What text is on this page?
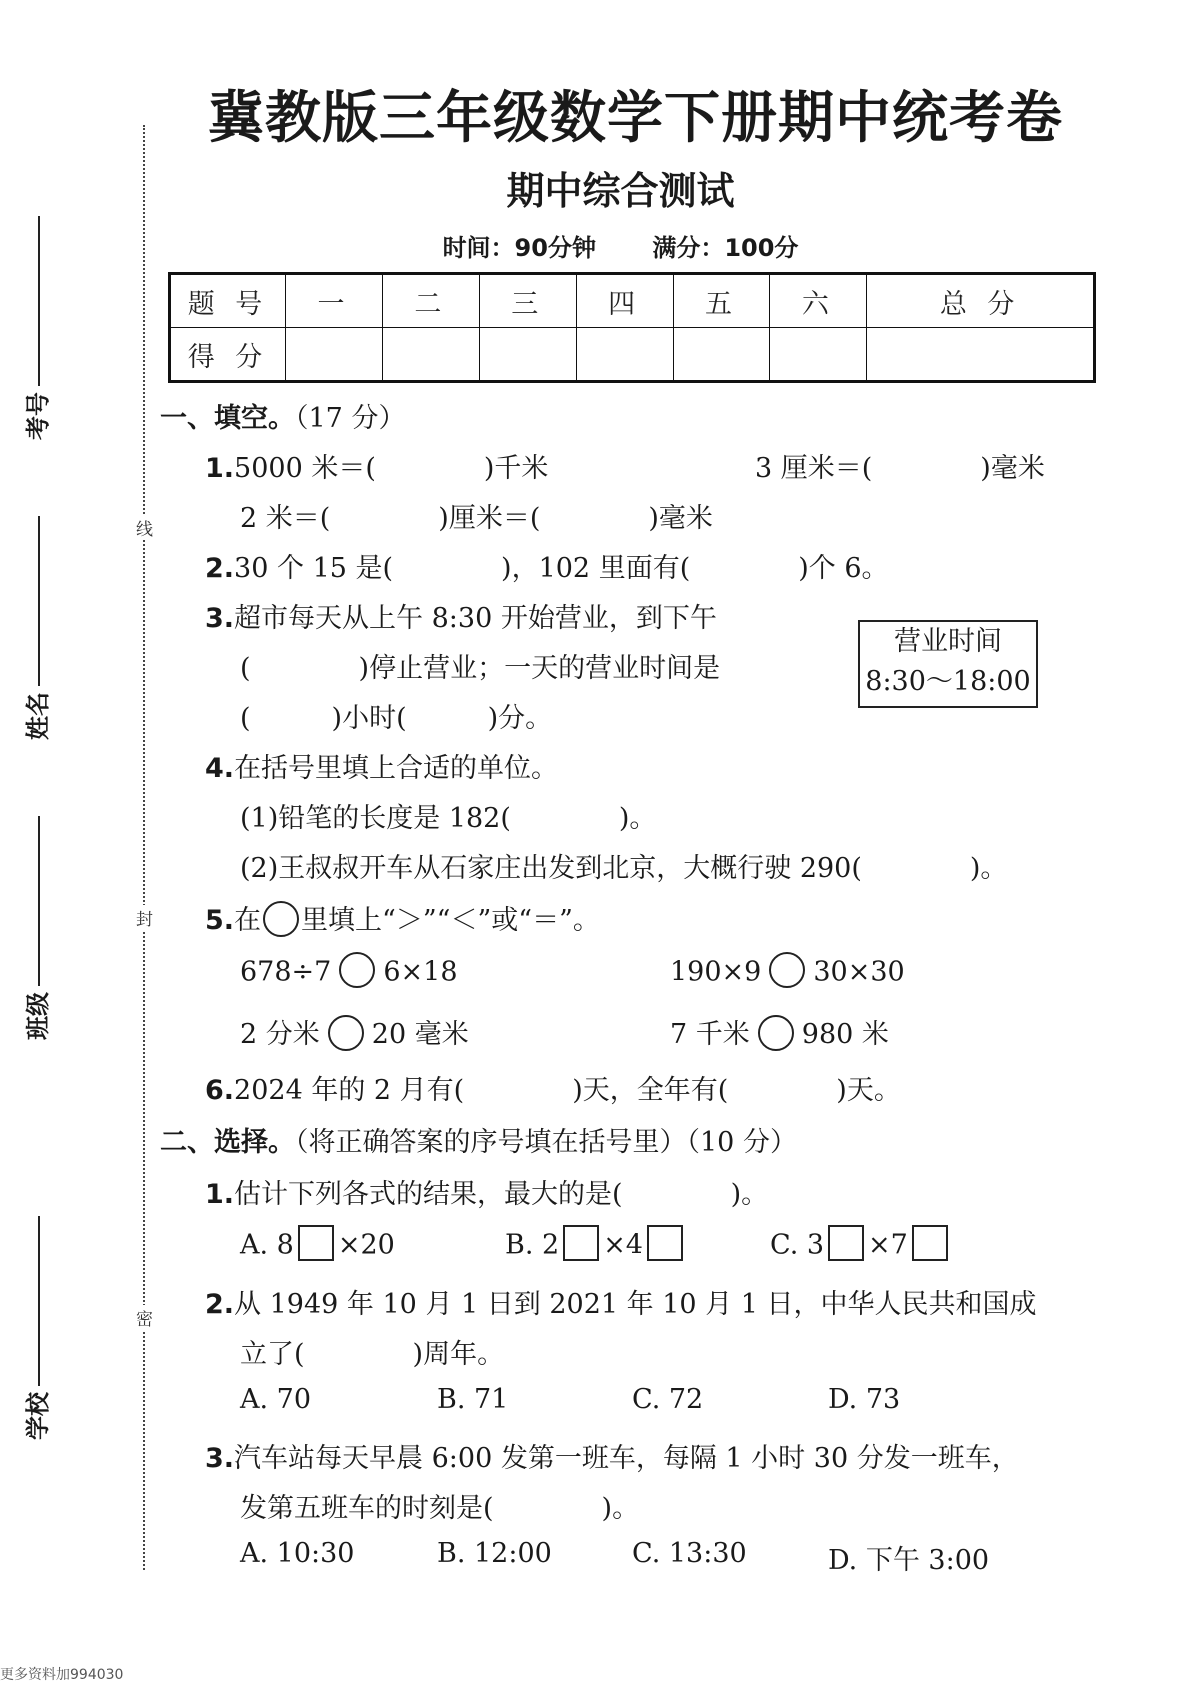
冀教版三年级数学下册期中统考卷
期中综合测试
时间：90分钟 满分：100分
题 号	一	二	三	四	五	六	总 分
得 分							
线
封
密
考号
姓名
班级
学校
一、填空。（17 分）
1.5000 米＝(　　　　)千米	3 厘米＝(　　　　)毫米
2 米＝(　　　　)厘米＝(　　　　)毫米
2.30 个 15 是(　　　　)，102 里面有(　　　　)个 6。
3.超市每天从上午 8:30 开始营业，到下午
(　　　　)停止营业；一天的营业时间是
(　　　)小时(　　　)分。
营业时间
8:30～18:00
4.在括号里填上合适的单位。
(1)铅笔的长度是 182(　　　　)。
(2)王叔叔开车从石家庄出发到北京，大概行驶 290(　　　　)。
5.在 里填上“＞”“＜”或“＝”。
678÷7 6×18	190×9 30×30
2 分米 20 毫米	7 千米 980 米
6.2024 年的 2 月有(　　　　)天，全年有(　　　　)天。
二、选择。（将正确答案的序号填在括号里）（10 分）
1.估计下列各式的结果，最大的是(　　　　)。
A. 8 ×20	B. 2 ×4	C. 3 ×7
2.从 1949 年 10 月 1 日到 2021 年 10 月 1 日，中华人民共和国成
立了(　　　　)周年。
A. 70	B. 71	C. 72	D. 73
3.汽车站每天早晨 6:00 发第一班车，每隔 1 小时 30 分发一班车，
发第五班车的时刻是(　　　　)。
A. 10:30	B. 12:00	C. 13:30	D. 下午 3:00
更多资料加994030
